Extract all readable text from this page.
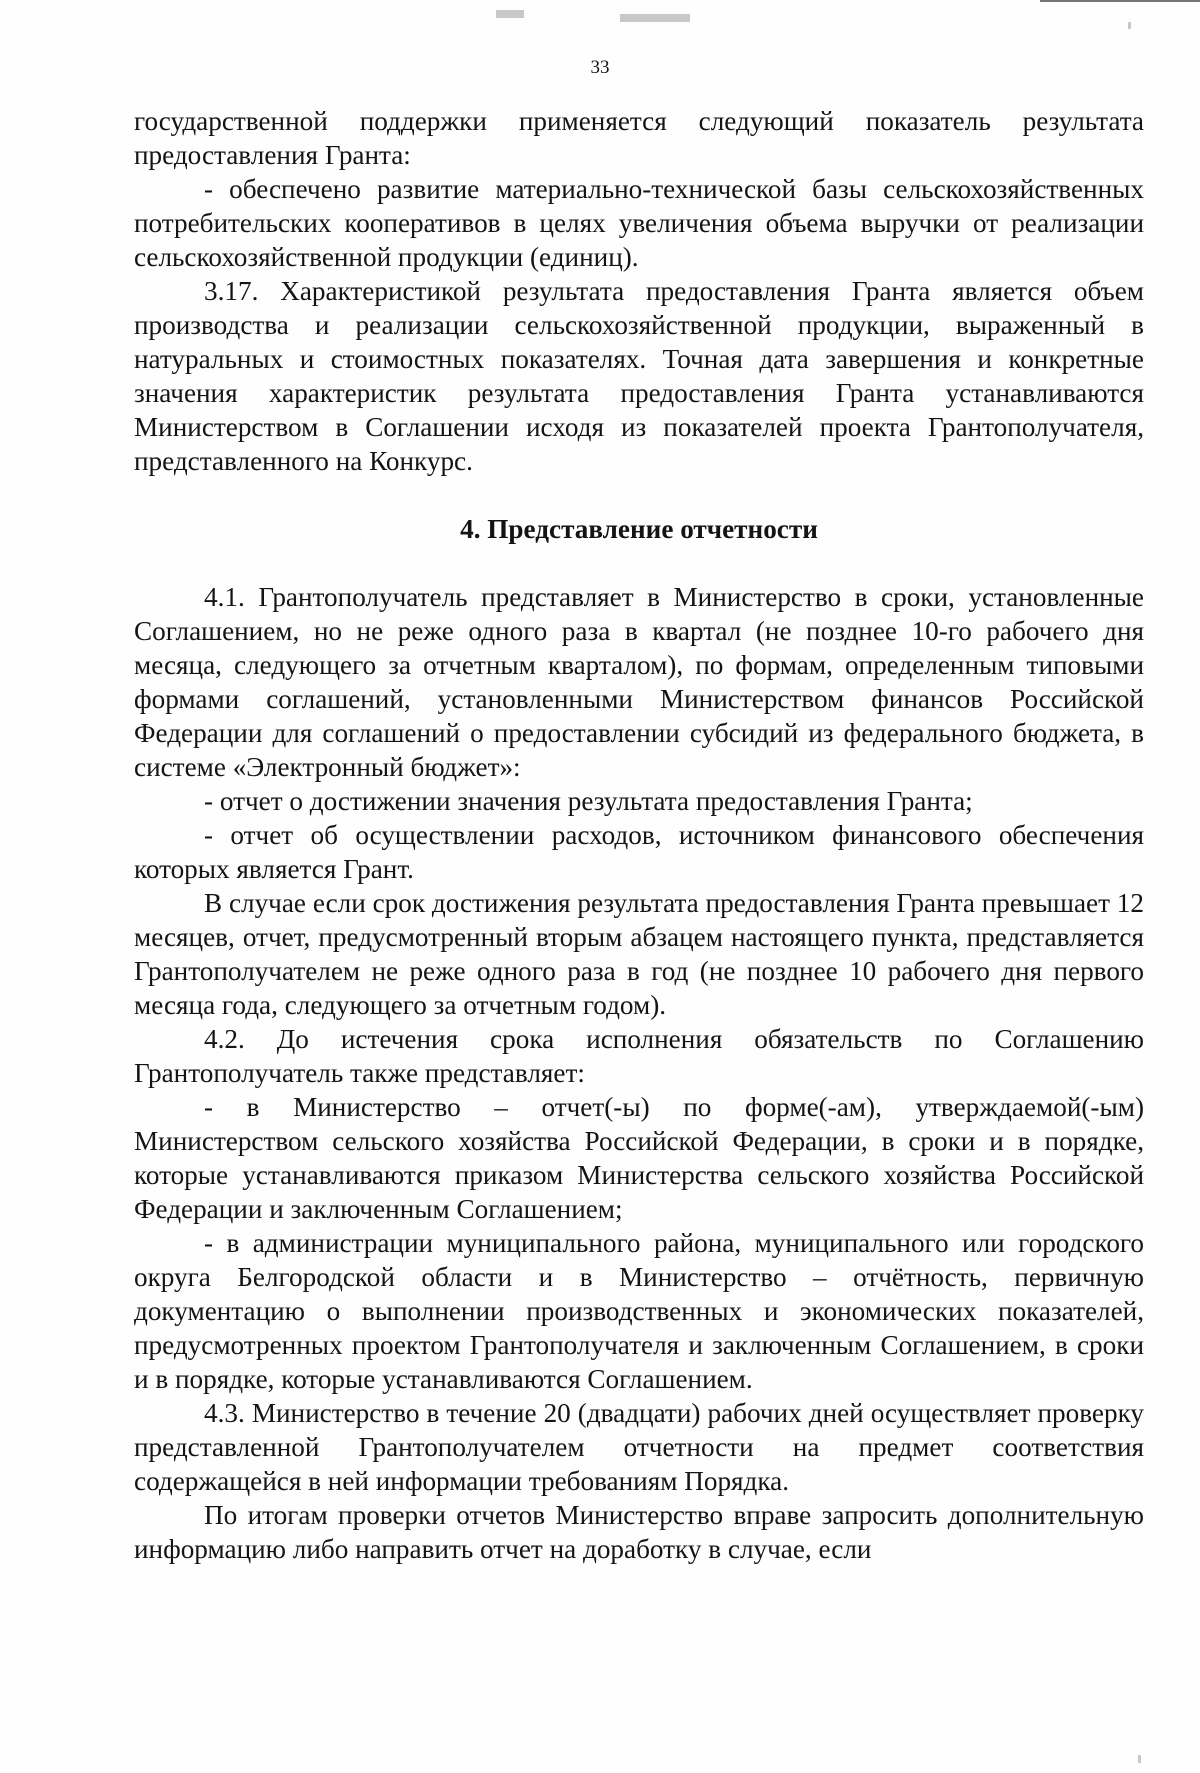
33

государственной поддержки применяется следующий показатель результата предоставления Гранта:

- обеспечено развитие материально-технической базы сельскохозяйственных потребительских кооперативов в целях увеличения объема выручки от реализации сельскохозяйственной продукции (единиц).

3.17. Характеристикой результата предоставления Гранта является объем производства и реализации сельскохозяйственной продукции, выраженный в натуральных и стоимостных показателях. Точная дата завершения и конкретные значения характеристик результата предоставления Гранта устанавливаются Министерством в Соглашении исходя из показателей проекта Грантополучателя, представленного на Конкурс.

4. Представление отчетности

4.1. Грантополучатель представляет в Министерство в сроки, установленные Соглашением, но не реже одного раза в квартал (не позднее 10-го рабочего дня месяца, следующего за отчетным кварталом), по формам, определенным типовыми формами соглашений, установленными Министерством финансов Российской Федерации для соглашений о предоставлении субсидий из федерального бюджета, в системе «Электронный бюджет»:

- отчет о достижении значения результата предоставления Гранта;

- отчет об осуществлении расходов, источником финансового обеспечения которых является Грант.

В случае если срок достижения результата предоставления Гранта превышает 12 месяцев, отчет, предусмотренный вторым абзацем настоящего пункта, представляется Грантополучателем не реже одного раза в год (не позднее 10 рабочего дня первого месяца года, следующего за отчетным годом).

4.2. До истечения срока исполнения обязательств по Соглашению Грантополучатель также представляет:

- в Министерство – отчет(-ы) по форме(-ам), утверждаемой(-ым) Министерством сельского хозяйства Российской Федерации, в сроки и в порядке, которые устанавливаются приказом Министерства сельского хозяйства Российской Федерации и заключенным Соглашением;

- в администрации муниципального района, муниципального или городского округа Белгородской области и в Министерство – отчётность, первичную документацию о выполнении производственных и экономических показателей, предусмотренных проектом Грантополучателя и заключенным Соглашением, в сроки и в порядке, которые устанавливаются Соглашением.

4.3. Министерство в течение 20 (двадцати) рабочих дней осуществляет проверку представленной Грантополучателем отчетности на предмет соответствия содержащейся в ней информации требованиям Порядка.

По итогам проверки отчетов Министерство вправе запросить дополнительную информацию либо направить отчет на доработку в случае, если
